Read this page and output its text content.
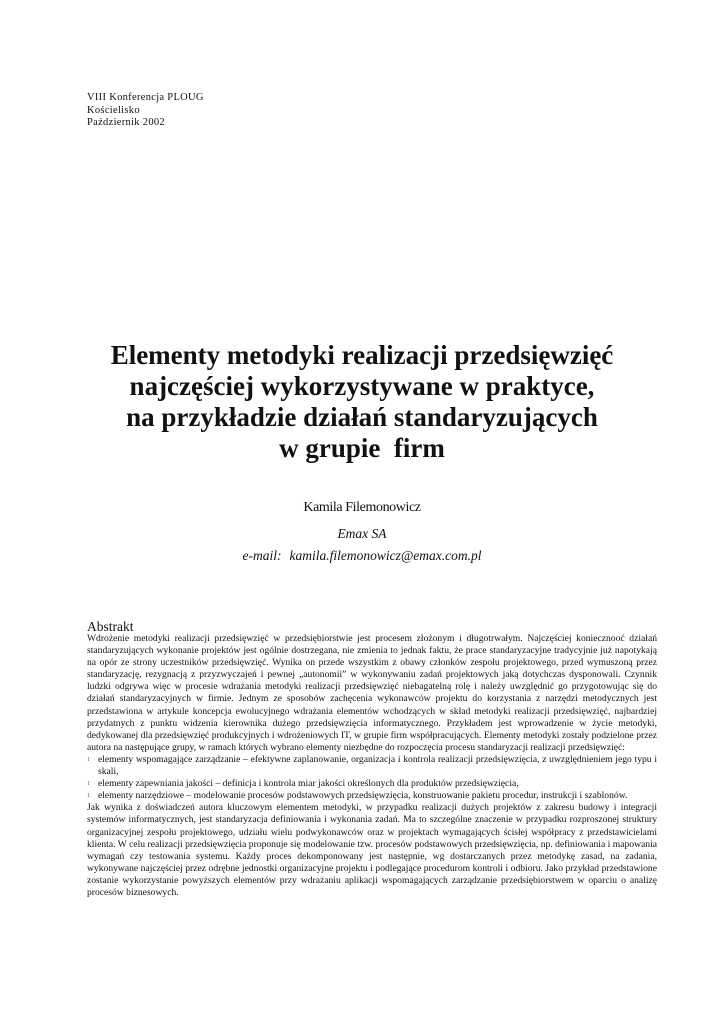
VIII Konferencja PLOUG
Kościelisko
Październik 2002
Elementy metodyki realizacji przedsięwzięć
najczęściej wykorzystywane w praktyce,
na przykładzie działań standaryzujących
w grupie  firm
Kamila Filemonowicz
Emax SA
e-mail: kamila.filemonowicz@emax.com.pl
Abstrakt

Wdrożenie metodyki realizacji przedsięwzięć w przedsiębiorstwie jest procesem złożonym i długotrwałym. Najczęściej koniecznooć działań standaryzujących wykonanie projektów jest ogólnie dostrzegana, nie zmienia to jednak faktu, że prace standaryzacyjne tradycyjnie już napotykają na opór ze strony uczestników przedsięwzięć. Wynika on przede wszystkim z obawy członków zespołu projektowego, przed wymuszoną przez standaryzację, rezygnacją z przyzwyczajeń i pewnej „autonomii” w wykonywaniu zadań projektowych jaką dotychczas dysponowali. Czynnik ludzki odgrywa więc w procesie wdrażania metodyki realizacji przedsięwzięć niebagatelną rolę i należy uwzględnić go przygotowując się do działań standaryzacyjnych w firmie. Jednym ze sposobów zachęcenia wykonawców projektu do korzystania z narzędzi metodycznych jest przedstawiona w artykule koncepcja ewolucyjnego wdrażania elementów wchodzących w skład metodyki realizacji przedsięwzięć, najbardziej przydatnych z punktu widzenia kierownika dużego przedsięwzięcia informatycznego. Przykładem jest wprowadzenie w życie metodyki, dedykowanej dla przedsięwzięć produkcyjnych i wdrożeniowych IT, w grupie firm współpracujących. Elementy metodyki zostały podzielone przez autora na następujące grupy, w ramach których wybrano elementy niezbędne do rozpoczęcia procesu standaryzacji realizacji przedsięwzięć:

1 elementy wspomagające zarządzanie – efektywne zaplanowanie, organizacja i kontrola realizacji przedsięwzięcia, z uwzględnieniem jego typu i skali,
1 elementy zapewniania jakości – definicja i kontrola miar jakości określonych dla produktów przedsięwzięcia,
1 elementy narzędziowe – modelowanie procesów podstawowych przedsięwzięcia, konstruowanie pakietu procedur, instrukcji i szablonów.

Jak wynika z doświadczeń autora kluczowym elementem metodyki, w przypadku realizacji dużych projektów z zakresu budowy i integracji systemów informatycznych, jest standaryzacja definiowania i wykonania zadań. Ma to szczególne znaczenie w przypadku rozproszonej struktury organizacyjnej zespołu projektowego, udziału wielu podwykonawców oraz w projektach wymagających ścisłej współpracy z przedstawicielami klienta. W celu realizacji przedsięwzięcia proponuje się modelowanie tzw. procesów podstawowych przedsięwzięcia, np. definiowania i mapowania wymagań czy testowania systemu. Każdy proces dekomponowany jest następnie, wg dostarczanych przez metodykę zasad, na zadania, wykonywane najczęściej przez odrębne jednostki organizacyjne projektu i podlegające procedurom kontroli i odbioru. Jako przykład przedstawione zostanie wykorzystanie powyższych elementów przy wdrażaniu aplikacji wspomagających zarządzanie przedsiębiorstwem w oparciu o analizę procesów biznesowych.
